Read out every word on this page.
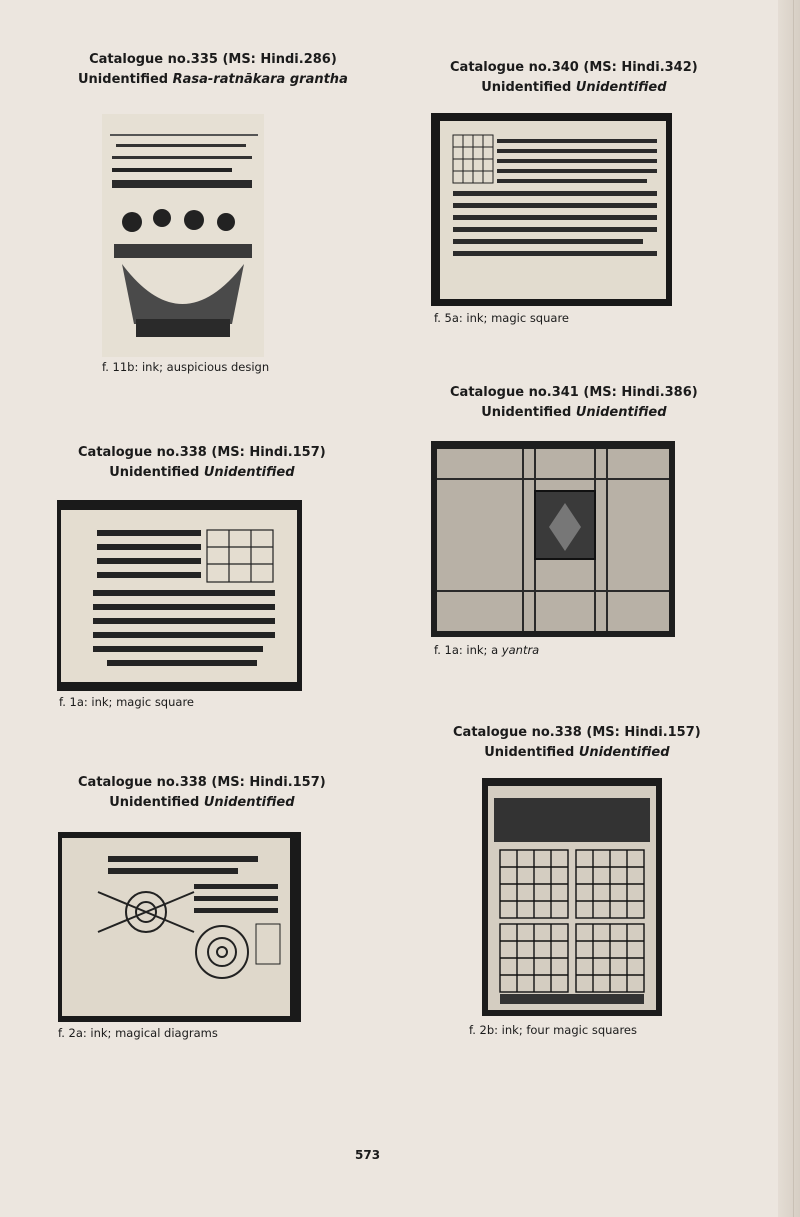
Catalogue no.335 (MS: Hindi.286)
Unidentified Rasa-ratnākara grantha
f. 11b: ink; auspicious design
Catalogue no.340 (MS: Hindi.342)
Unidentified Unidentified
f. 5a: ink; magic square
Catalogue no.341 (MS: Hindi.386)
Unidentified Unidentified
f. 1a: ink; a yantra
Catalogue no.338 (MS: Hindi.157)
Unidentified Unidentified
f. 1a: ink; magic square
Catalogue no.338 (MS: Hindi.157)
Unidentified Unidentified
f. 2b: ink; four magic squares
Catalogue no.338 (MS: Hindi.157)
Unidentified Unidentified
f. 2a: ink; magical diagrams
573
